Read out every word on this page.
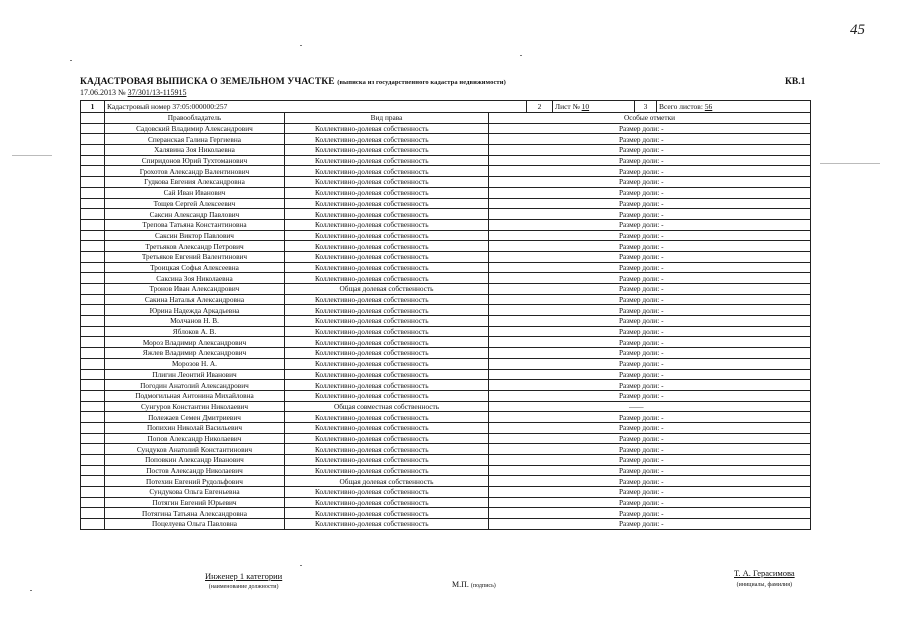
45
КАДАСТРОВАЯ ВЫПИСКА О ЗЕМЕЛЬНОМ УЧАСТКЕ (выписка из государственного кадастра недвижимости)	КВ.1
17.06.2013 № 37/301/13-115915
1	Кадастровый номер 37:05:000000:257	2	Лист № 10	3	Всего листов: 56
	Правообладатель	Вид права	Особые отметки
	Садовский Владимир Александрович	Коллективно-долевая собственность	Размер доли: -
	Сперанская Галина Гергиевна	Коллективно-долевая собственность	Размер доли: -
	Халявина Зоя Николаевна	Коллективно-долевая собственность	Размер доли: -
	Спиридонов Юрий Тухтоманович	Коллективно-долевая собственность	Размер доли: -
	Грохотов Александр Валентинович	Коллективно-долевая собственность	Размер доли: -
	Гудкова Евгения Александровна	Коллективно-долевая собственность	Размер доли: -
	Сай Иван Иванович	Коллективно-долевая собственность	Размер доли: -
	Тощев Сергей Алексеевич	Коллективно-долевая собственность	Размер доли: -
	Саксин Александр Павлович	Коллективно-долевая собственность	Размер доли: -
	Трепова Татьяна Константиновна	Коллективно-долевая собственность	Размер доли: -
	Саксин Виктор Павлович	Коллективно-долевая собственность	Размер доли: -
	Третьяков Александр Петрович	Коллективно-долевая собственность	Размер доли: -
	Третьяков Евгений Валентинович	Коллективно-долевая собственность	Размер доли: -
	Троицкая Софья Алексеевна	Коллективно-долевая собственность	Размер доли: -
	Саксина Зоя Николаевна	Коллективно-долевая собственность	Размер доли: -
	Тронов Иван Александрович	Общая долевая собственность	Размер доли: -
	Сакина Наталья Александровна	Коллективно-долевая собственность	Размер доли: -
	Юрина Надежда Аркадьевна	Коллективно-долевая собственность	Размер доли: -
	Молчанов Н. В.	Коллективно-долевая собственность	Размер доли: -
	Яблоков А. В.	Коллективно-долевая собственность	Размер доли: -
	Мороз Владимир Александрович	Коллективно-долевая собственность	Размер доли: -
	Яжлев Владимир Александрович	Коллективно-долевая собственность	Размер доли: -
	Морозов Н. А.	Коллективно-долевая собственность	Размер доли: -
	Плигин Леонтий Иванович	Коллективно-долевая собственность	Размер доли: -
	Погодин Анатолий Александрович	Коллективно-долевая собственность	Размер доли: -
	Подмогильная Антонина Михайловна	Коллективно-долевая собственность	Размер доли: -
	Сунгуров Константин Николаевич	Общая совместная собственность	——
	Полежаев Семен Дмитриевич	Коллективно-долевая собственность	Размер доли: -
	Попихин Николай Васильевич	Коллективно-долевая собственность	Размер доли: -
	Попов Александр Николаевич	Коллективно-долевая собственность	Размер доли: -
	Сундуков Анатолий Константинович	Коллективно-долевая собственность	Размер доли: -
	Поповкин Александр Иванович	Коллективно-долевая собственность	Размер доли: -
	Постов Александр Николаевич	Коллективно-долевая собственность	Размер доли: -
	Потехин Евгений Рудольфович	Общая долевая собственность	Размер доли: -
	Сундукова Ольга Евгеньевна	Коллективно-долевая собственность	Размер доли: -
	Потягин Евгений Юрьевич	Коллективно-долевая собственность	Размер доли: -
	Потягина Татьяна Александровна	Коллективно-долевая собственность	Размер доли: -
	Поцелуева Ольга Павловна	Коллективно-долевая собственность	Размер доли: -
Инженер 1 категории
(наименование должности)	М.П. (подпись)
Т. А. Герасимова
(инициалы, фамилия)
